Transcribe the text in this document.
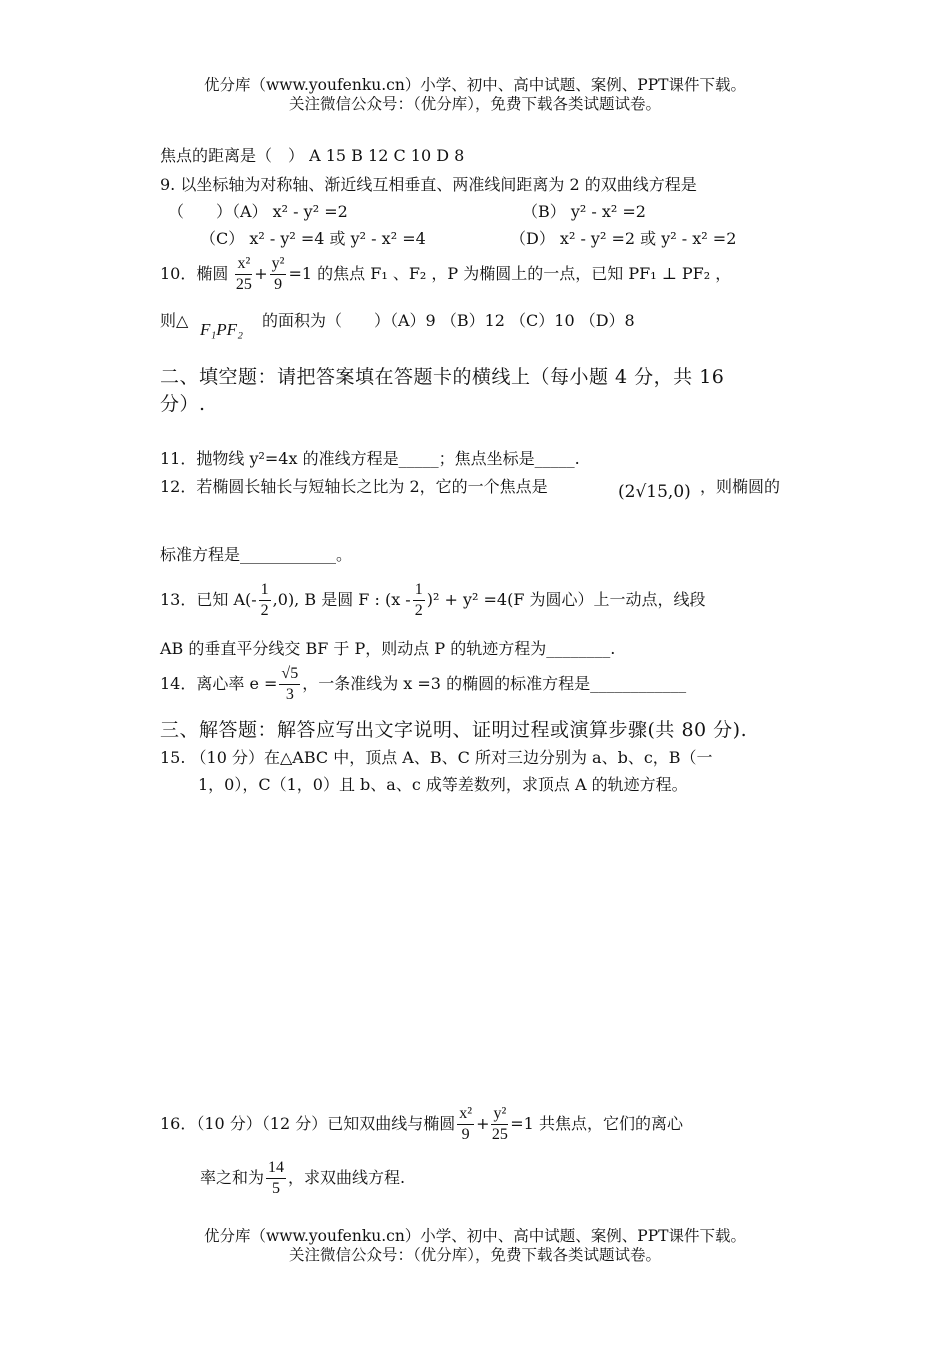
优分库（www.youfenku.cn）小学、初中、高中试题、案例、PPT课件下载。
关注微信公众号：（优分库），免费下载各类试题试卷。
焦点的距离是（　） A 15 B 12 C 10 D 8
9. 以坐标轴为对称轴、渐近线互相垂直、两准线间距离为 2 的双曲线方程是
（　　）（A） x² - y² =2	（B） y² - x² =2
（C） x² - y² =4 或 y² - x² =4	（D） x² - y² =2 或 y² - x² =2
10．椭圆 $\frac{\text{x²}}{25} + \frac{\text{y²}}{9} =1$ 的焦点 F₁ 、F₂ ，P 为椭圆上的一点，已知 PF₁ ⊥ PF₂ ，
则△ F₁PF₂ 的面积为（　　）（A）9 （B）12 （C）10 （D）8
二、填空题：请把答案填在答题卡的横线上（每小题 4 分，共 16
分）.
11．抛物线 y²=4x 的准线方程是_____；焦点坐标是_____.
12．若椭圆长轴长与短轴长之比为 2，它的一个焦点是	(2√15,0) ，则椭圆的
标准方程是____________。
13．已知 $A(- \frac{1}{2} ,0)$, B 是圆 F : $(x - \frac{1}{2} )^2 + y^2 =4(F$ 为圆心）上一动点，线段
AB 的垂直平分线交 BF 于 P，则动点 P 的轨迹方程为________.
14．离心率 $e = \frac{√5}{3}$ ，一条准线为 x =3 的椭圆的标准方程是____________
三、解答题：解答应写出文字说明、证明过程或演算步骤(共 80 分).
15. （10 分）在△ABC 中，顶点 A、B、C 所对三边分别为 a、b、c，B（一
1，0），C（1，0）且 b、a、c 成等差数列，求顶点 A 的轨迹方程。
16．（10 分）（12 分）已知双曲线与椭圆 $\frac{\text{x²}}{9} + \frac{\text{y²}}{25} =1$ 共焦点，它们的离心
率之和为 $\frac{14}{5}$ ，求双曲线方程.
优分库（www.youfenku.cn）小学、初中、高中试题、案例、PPT课件下载。
关注微信公众号：（优分库），免费下载各类试题试卷。
